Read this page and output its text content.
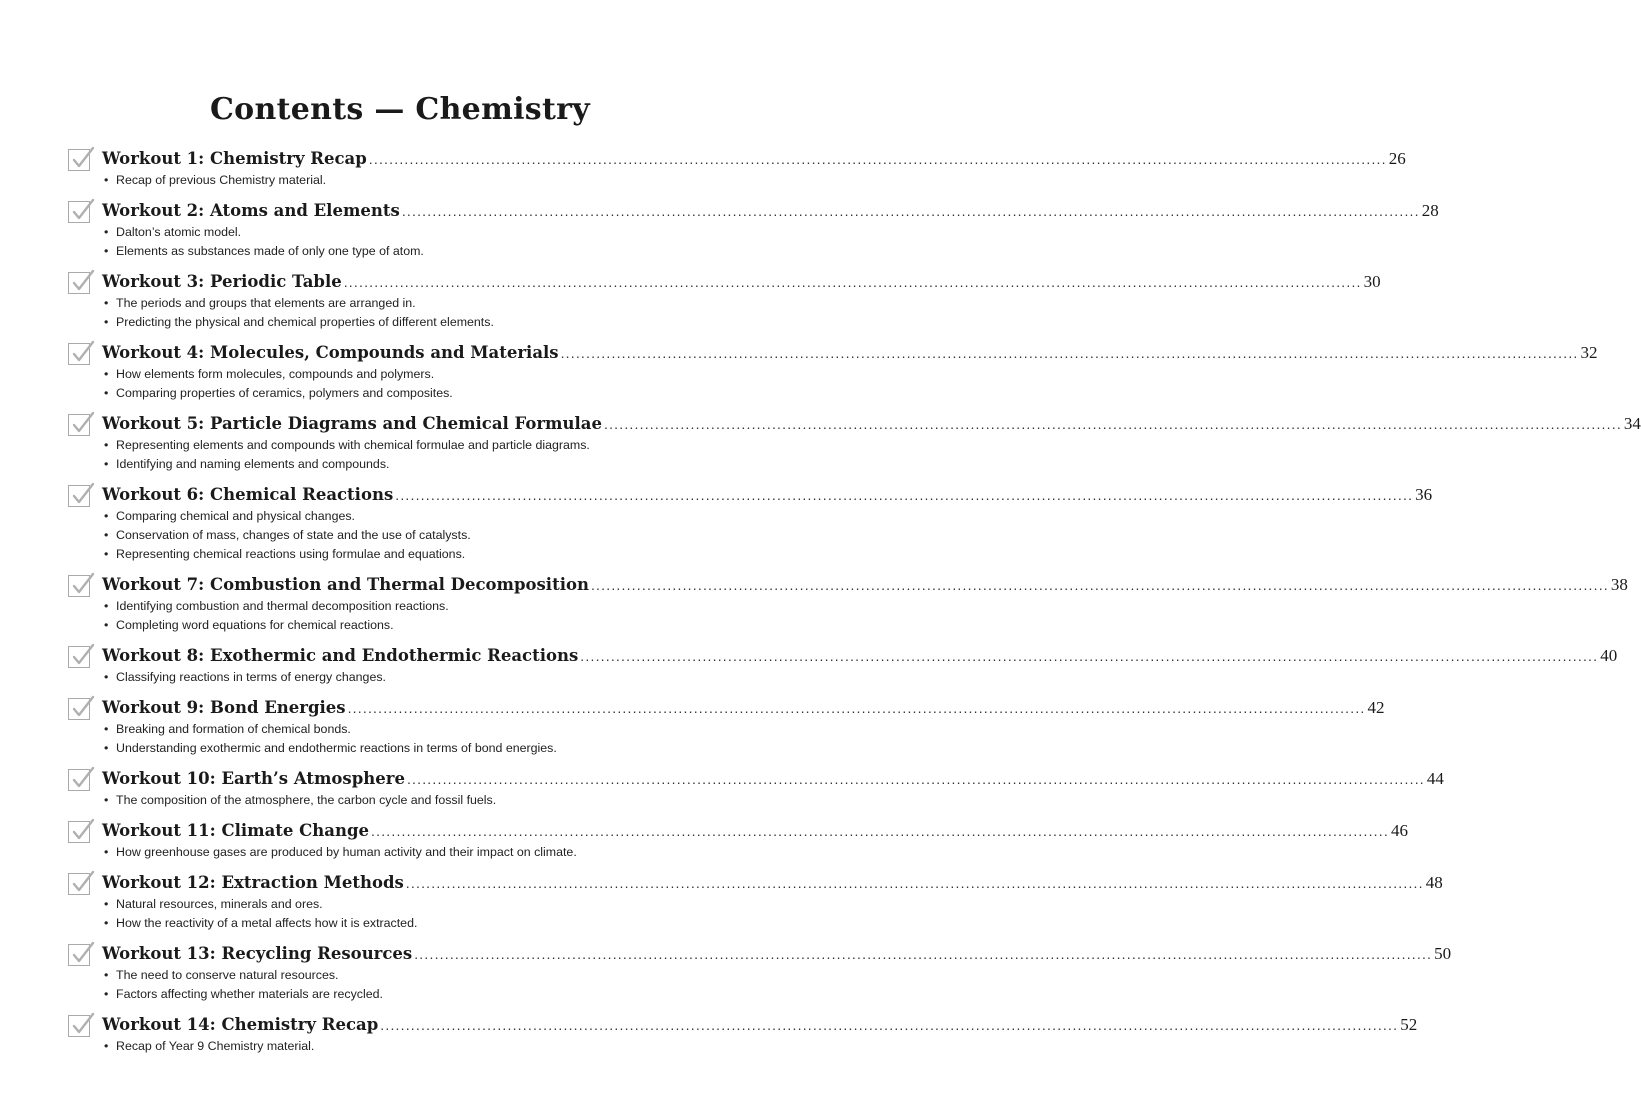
Contents — Chemistry
Workout 1: Chemistry Recap ........................................................................................................................................................................................................ 26
• Recap of previous Chemistry material.
Workout 2: Atoms and Elements ........................................................................................................................................................................................................ 28
• Dalton’s atomic model.
• Elements as substances made of only one type of atom.
Workout 3: Periodic Table ........................................................................................................................................................................................................ 30
• The periods and groups that elements are arranged in.
• Predicting the physical and chemical properties of different elements.
Workout 4: Molecules, Compounds and Materials ........................................................................................................................................................................................................ 32
• How elements form molecules, compounds and polymers.
• Comparing properties of ceramics, polymers and composites.
Workout 5: Particle Diagrams and Chemical Formulae ........................................................................................................................................................................................................ 34
• Representing elements and compounds with chemical formulae and particle diagrams.
• Identifying and naming elements and compounds.
Workout 6: Chemical Reactions ........................................................................................................................................................................................................ 36
• Comparing chemical and physical changes.
• Conservation of mass, changes of state and the use of catalysts.
• Representing chemical reactions using formulae and equations.
Workout 7: Combustion and Thermal Decomposition ........................................................................................................................................................................................................ 38
• Identifying combustion and thermal decomposition reactions.
• Completing word equations for chemical reactions.
Workout 8: Exothermic and Endothermic Reactions ........................................................................................................................................................................................................ 40
• Classifying reactions in terms of energy changes.
Workout 9: Bond Energies ........................................................................................................................................................................................................ 42
• Breaking and formation of chemical bonds.
• Understanding exothermic and endothermic reactions in terms of bond energies.
Workout 10: Earth’s Atmosphere ........................................................................................................................................................................................................ 44
• The composition of the atmosphere, the carbon cycle and fossil fuels.
Workout 11: Climate Change ........................................................................................................................................................................................................ 46
• How greenhouse gases are produced by human activity and their impact on climate.
Workout 12: Extraction Methods ........................................................................................................................................................................................................ 48
• Natural resources, minerals and ores.
• How the reactivity of a metal affects how it is extracted.
Workout 13: Recycling Resources ........................................................................................................................................................................................................ 50
• The need to conserve natural resources.
• Factors affecting whether materials are recycled.
Workout 14: Chemistry Recap ........................................................................................................................................................................................................ 52
• Recap of Year 9 Chemistry material.
